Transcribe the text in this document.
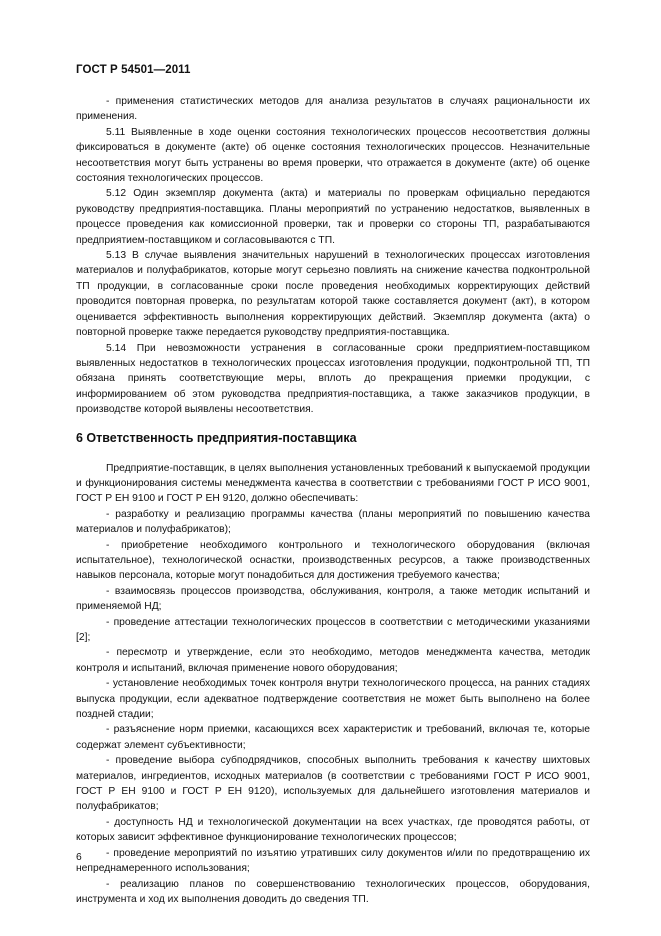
ГОСТ Р 54501—2011

- применения статистических методов для анализа результатов в случаях рациональности их применения.

5.11 Выявленные в ходе оценки состояния технологических процессов несоответствия должны фиксироваться в документе (акте) об оценке состояния технологических процессов. Незначительные несоответствия могут быть устранены во время проверки, что отражается в документе (акте) об оценке состояния технологических процессов.

5.12 Один экземпляр документа (акта) и материалы по проверкам официально передаются руководству предприятия-поставщика. Планы мероприятий по устранению недостатков, выявленных в процессе проведения как комиссионной проверки, так и проверки со стороны ТП, разрабатываются предприятием-поставщиком и согласовываются с ТП.

5.13 В случае выявления значительных нарушений в технологических процессах изготовления материалов и полуфабрикатов, которые могут серьезно повлиять на снижение качества подконтрольной ТП продукции, в согласованные сроки после проведения необходимых корректирующих действий проводится повторная проверка, по результатам которой также составляется документ (акт), в котором оценивается эффективность выполнения корректирующих действий. Экземпляр документа (акта) о повторной проверке также передается руководству предприятия-поставщика.

5.14 При невозможности устранения в согласованные сроки предприятием-поставщиком выявленных недостатков в технологических процессах изготовления продукции, подконтрольной ТП, ТП обязана принять соответствующие меры, вплоть до прекращения приемки продукции, с информированием об этом руководства предприятия-поставщика, а также заказчиков продукции, в производстве которой выявлены несоответствия.

6 Ответственность предприятия-поставщика

Предприятие-поставщик, в целях выполнения установленных требований к выпускаемой продукции и функционирования системы менеджмента качества в соответствии с требованиями ГОСТ Р ИСО 9001, ГОСТ Р ЕН 9100 и ГОСТ Р ЕН 9120, должно обеспечивать:

- разработку и реализацию программы качества (планы мероприятий по повышению качества материалов и полуфабрикатов);

- приобретение необходимого контрольного и технологического оборудования (включая испытательное), технологической оснастки, производственных ресурсов, а также производственных навыков персонала, которые могут понадобиться для достижения требуемого качества;

- взаимосвязь процессов производства, обслуживания, контроля, а также методик испытаний и применяемой НД;

- проведение аттестации технологических процессов в соответствии с методическими указаниями [2];

- пересмотр и утверждение, если это необходимо, методов менеджмента качества, методик контроля и испытаний, включая применение нового оборудования;

- установление необходимых точек контроля внутри технологического процесса, на ранних стадиях выпуска продукции, если адекватное подтверждение соответствия не может быть выполнено на более поздней стадии;

- разъяснение норм приемки, касающихся всех характеристик и требований, включая те, которые содержат элемент субъективности;

- проведение выбора субподрядчиков, способных выполнить требования к качеству шихтовых материалов, ингредиентов, исходных материалов (в соответствии с требованиями ГОСТ Р ИСО 9001, ГОСТ Р ЕН 9100 и ГОСТ Р ЕН 9120), используемых для дальнейшего изготовления материалов и полуфабрикатов;

- доступность НД и технологической документации на всех участках, где проводятся работы, от которых зависит эффективное функционирование технологических процессов;

- проведение мероприятий по изъятию утративших силу документов и/или по предотвращению их непреднамеренного использования;

- реализацию планов по совершенствованию технологических процессов, оборудования, инструмента и ход их выполнения доводить до сведения ТП.

6
